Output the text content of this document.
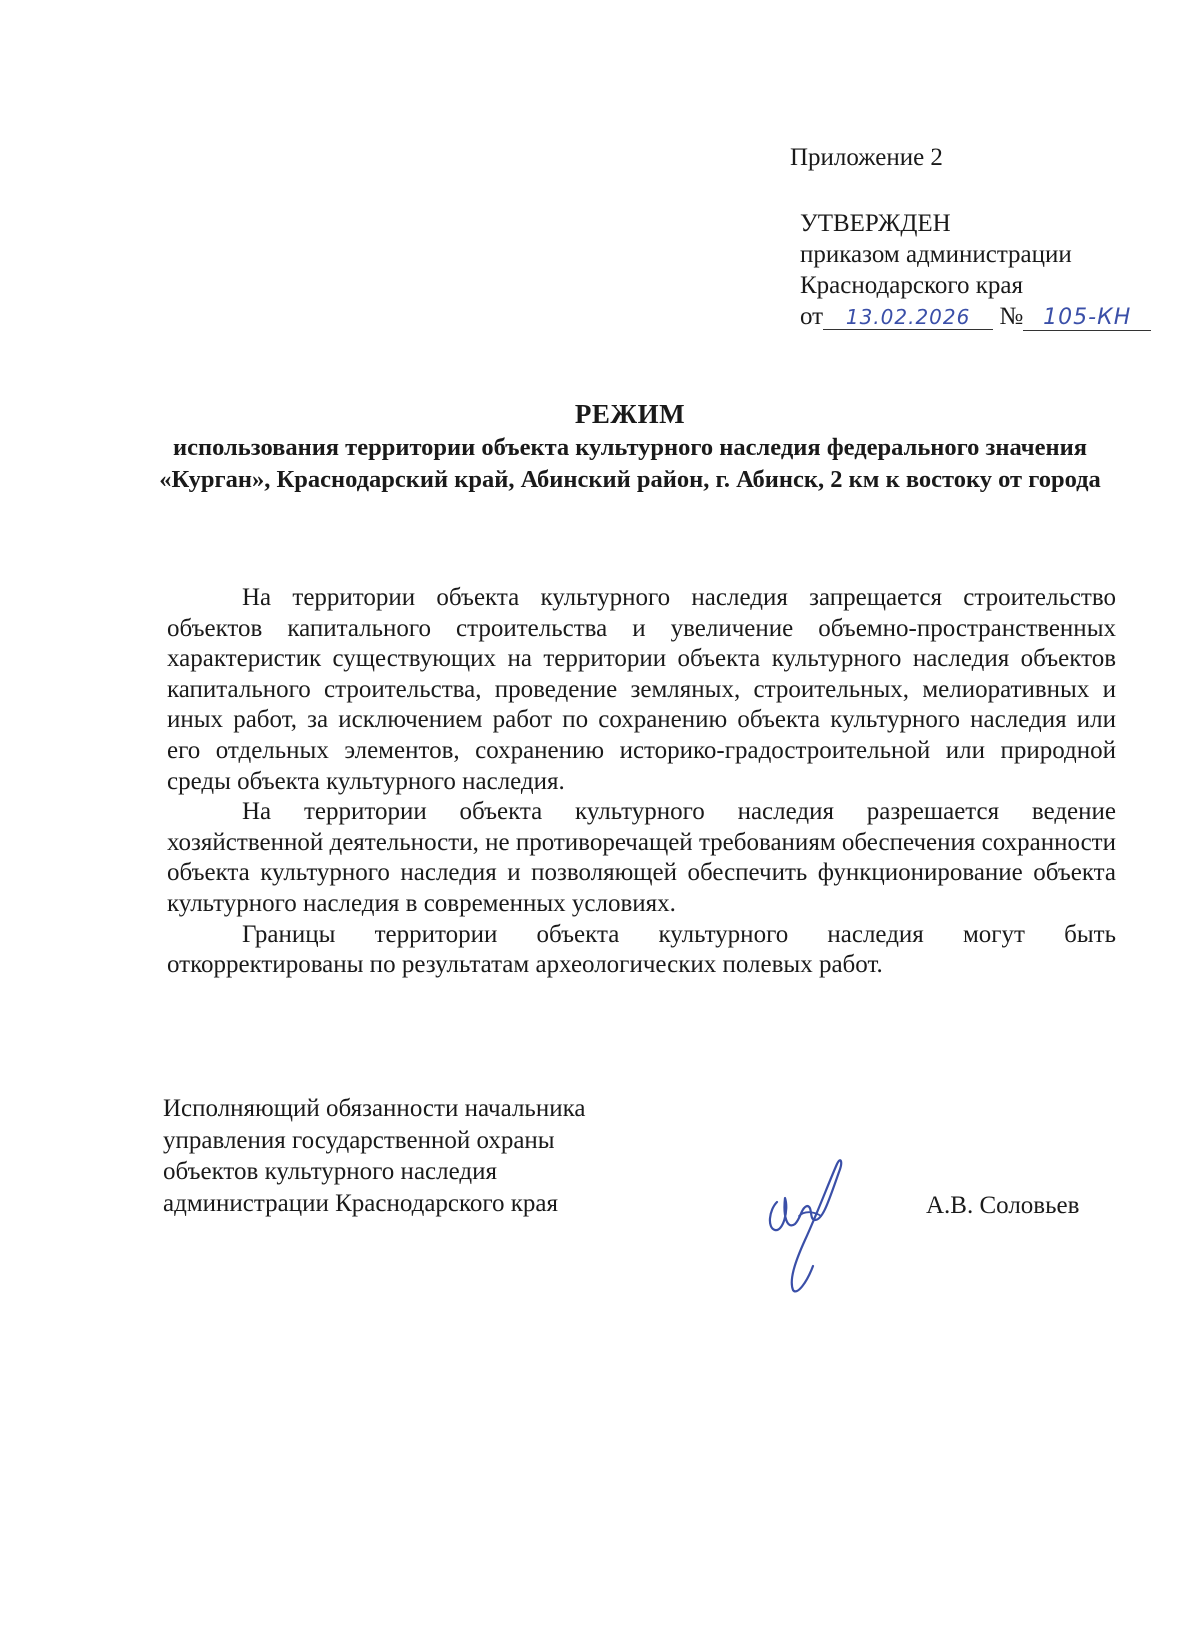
Приложение 2
УТВЕРЖДЕН
приказом администрации
Краснодарского края
от 13.02.2026 № 105-КН
РЕЖИМ
использования территории объекта культурного наследия федерального значения «Курган», Краснодарский край, Абинский район, г. Абинск, 2 км к востоку от города

На территории объекта культурного наследия запрещается строительство объектов капитального строительства и увеличение объемно-пространственных характеристик существующих на территории объекта культурного наследия объектов капитального строительства, проведение земляных, строительных, мелиоративных и иных работ, за исключением работ по сохранению объекта культурного наследия или его отдельных элементов, сохранению историко-градостроительной или природной среды объекта культурного наследия.

На территории объекта культурного наследия разрешается ведение хозяйственной деятельности, не противоречащей требованиям обеспечения сохранности объекта культурного наследия и позволяющей обеспечить функционирование объекта культурного наследия в современных условиях.

Границы территории объекта культурного наследия могут быть откорректированы по результатам археологических полевых работ.

Исполняющий обязанности начальника
управления государственной охраны
объектов культурного наследия
администрации Краснодарского края	А.В. Соловьев
